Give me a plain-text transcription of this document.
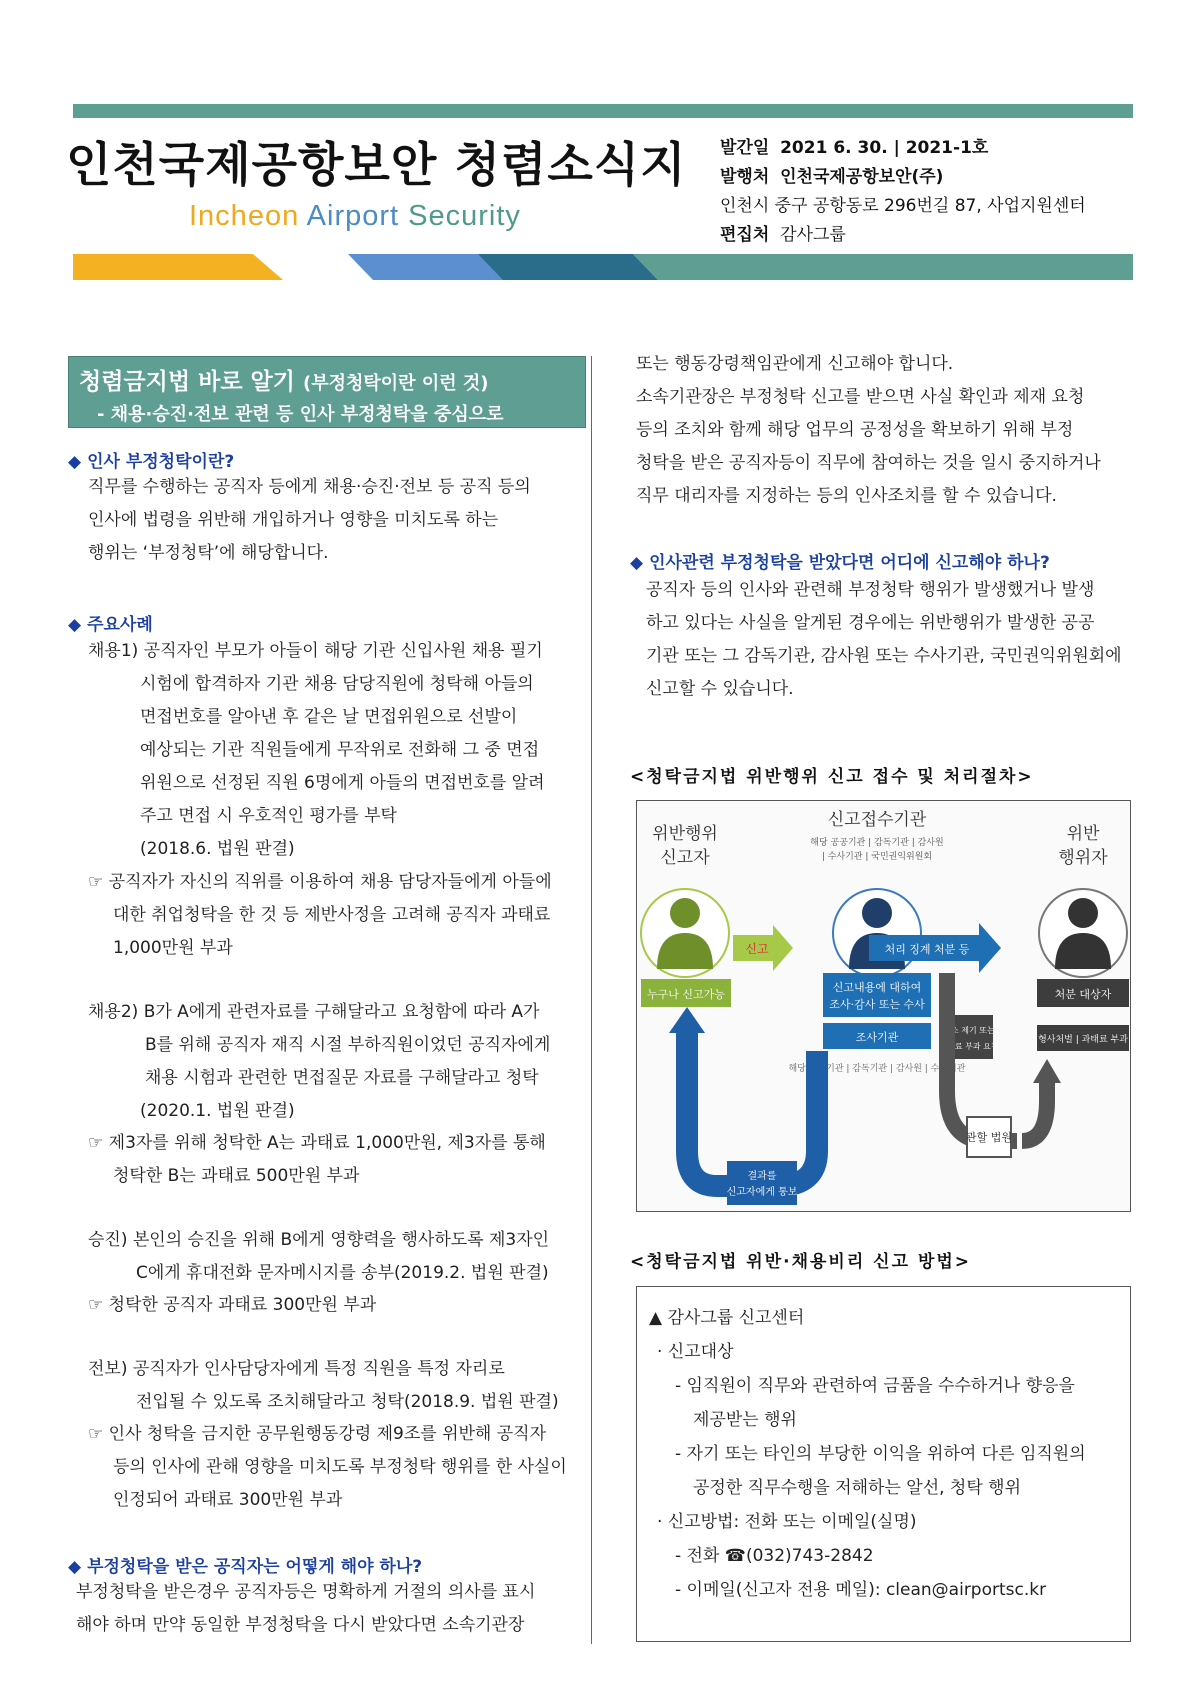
인천국제공항보안 청렴소식지
Incheon Airport Security
발간일 2021 6. 30. | 2021-1호
발행처 인천국제공항보안(주)
인천시 중구 공항동로 296번길 87, 사업지원센터
편집처 감사그룹
청렴금지법 바로 알기 (부정청탁이란 이런 것)
- 채용·승진·전보 관련 등 인사 부정청탁을 중심으로
◆ 인사 부정청탁이란?
직무를 수행하는 공직자 등에게 채용·승진·전보 등 공직 등의
인사에 법령을 위반해 개입하거나 영향을 미치도록 하는
행위는 ‘부정청탁’에 해당합니다.
◆ 주요사례
채용1) 공직자인 부모가 아들이 해당 기관 신입사원 채용 필기
시험에 합격하자 기관 채용 담당직원에 청탁해 아들의
면접번호를 알아낸 후 같은 날 면접위원으로 선발이
예상되는 기관 직원들에게 무작위로 전화해 그 중 면접
위원으로 선정된 직원 6명에게 아들의 면접번호를 알려
주고 면접 시 우호적인 평가를 부탁
(2018.6. 법원 판결)
☞ 공직자가 자신의 직위를 이용하여 채용 담당자들에게 아들에
대한 취업청탁을 한 것 등 제반사정을 고려해 공직자 과태료
1,000만원 부과
채용2) B가 A에게 관련자료를 구해달라고 요청함에 따라 A가
B를 위해 공직자 재직 시절 부하직원이었던 공직자에게
채용 시험과 관련한 면접질문 자료를 구해달라고 청탁
(2020.1. 법원 판결)
☞ 제3자를 위해 청탁한 A는 과태료 1,000만원, 제3자를 통해
청탁한 B는 과태료 500만원 부과
승진) 본인의 승진을 위해 B에게 영향력을 행사하도록 제3자인
C에게 휴대전화 문자메시지를 송부(2019.2. 법원 판결)
☞ 청탁한 공직자 과태료 300만원 부과
전보) 공직자가 인사담당자에게 특정 직원을 특정 자리로
전입될 수 있도록 조치해달라고 청탁(2018.9. 법원 판결)
☞ 인사 청탁을 금지한 공무원행동강령 제9조를 위반해 공직자
등의 인사에 관해 영향을 미치도록 부정청탁 행위를 한 사실이
인정되어 과태료 300만원 부과
◆ 부정청탁을 받은 공직자는 어떻게 해야 하나?
부정청탁을 받은경우 공직자등은 명확하게 거절의 의사를 표시
해야 하며 만약 동일한 부정청탁을 다시 받았다면 소속기관장
또는 행동강령책임관에게 신고해야 합니다.
소속기관장은 부정청탁 신고를 받으면 사실 확인과 제재 요청
등의 조치와 함께 해당 업무의 공정성을 확보하기 위해 부정
청탁을 받은 공직자등이 직무에 참여하는 것을 일시 중지하거나
직무 대리자를 지정하는 등의 인사조치를 할 수 있습니다.
◆ 인사관련 부정청탁을 받았다면 어디에 신고해야 하나?
공직자 등의 인사와 관련해 부정청탁 행위가 발생했거나 발생
하고 있다는 사실을 알게된 경우에는 위반행위가 발생한 공공
기관 또는 그 감독기관, 감사원 또는 수사기관, 국민권익위원회에
신고할 수 있습니다.
<청탁금지법 위반행위 신고 접수 및 처리절차>
위반행위
신고자
신고접수기관
해당 공공기관 | 감독기관 | 감사원
| 수사기관 | 국민권익위원회
위반
행위자
신고	처리 징계 처분 등
누구나 신고가능
신고내용에 대하여
조사·감사 또는 수사
조사기관
해당 공공기관 | 감독기관 | 감사원 | 수사기관
처분 대상자
형사처벌 | 과태료 부과
공소 제기 또는
과태료 부과 요청
관할 법원
결과를
신고자에게 통보
<청탁금지법 위반·채용비리 신고 방법>
▲ 감사그룹 신고센터
· 신고대상
- 임직원이 직무와 관련하여 금품을 수수하거나 향응을
제공받는 행위
- 자기 또는 타인의 부당한 이익을 위하여 다른 임직원의
공정한 직무수행을 저해하는 알선, 청탁 행위
· 신고방법: 전화 또는 이메일(실명)
- 전화 ☎(032)743-2842
- 이메일(신고자 전용 메일): clean@airportsc.kr
